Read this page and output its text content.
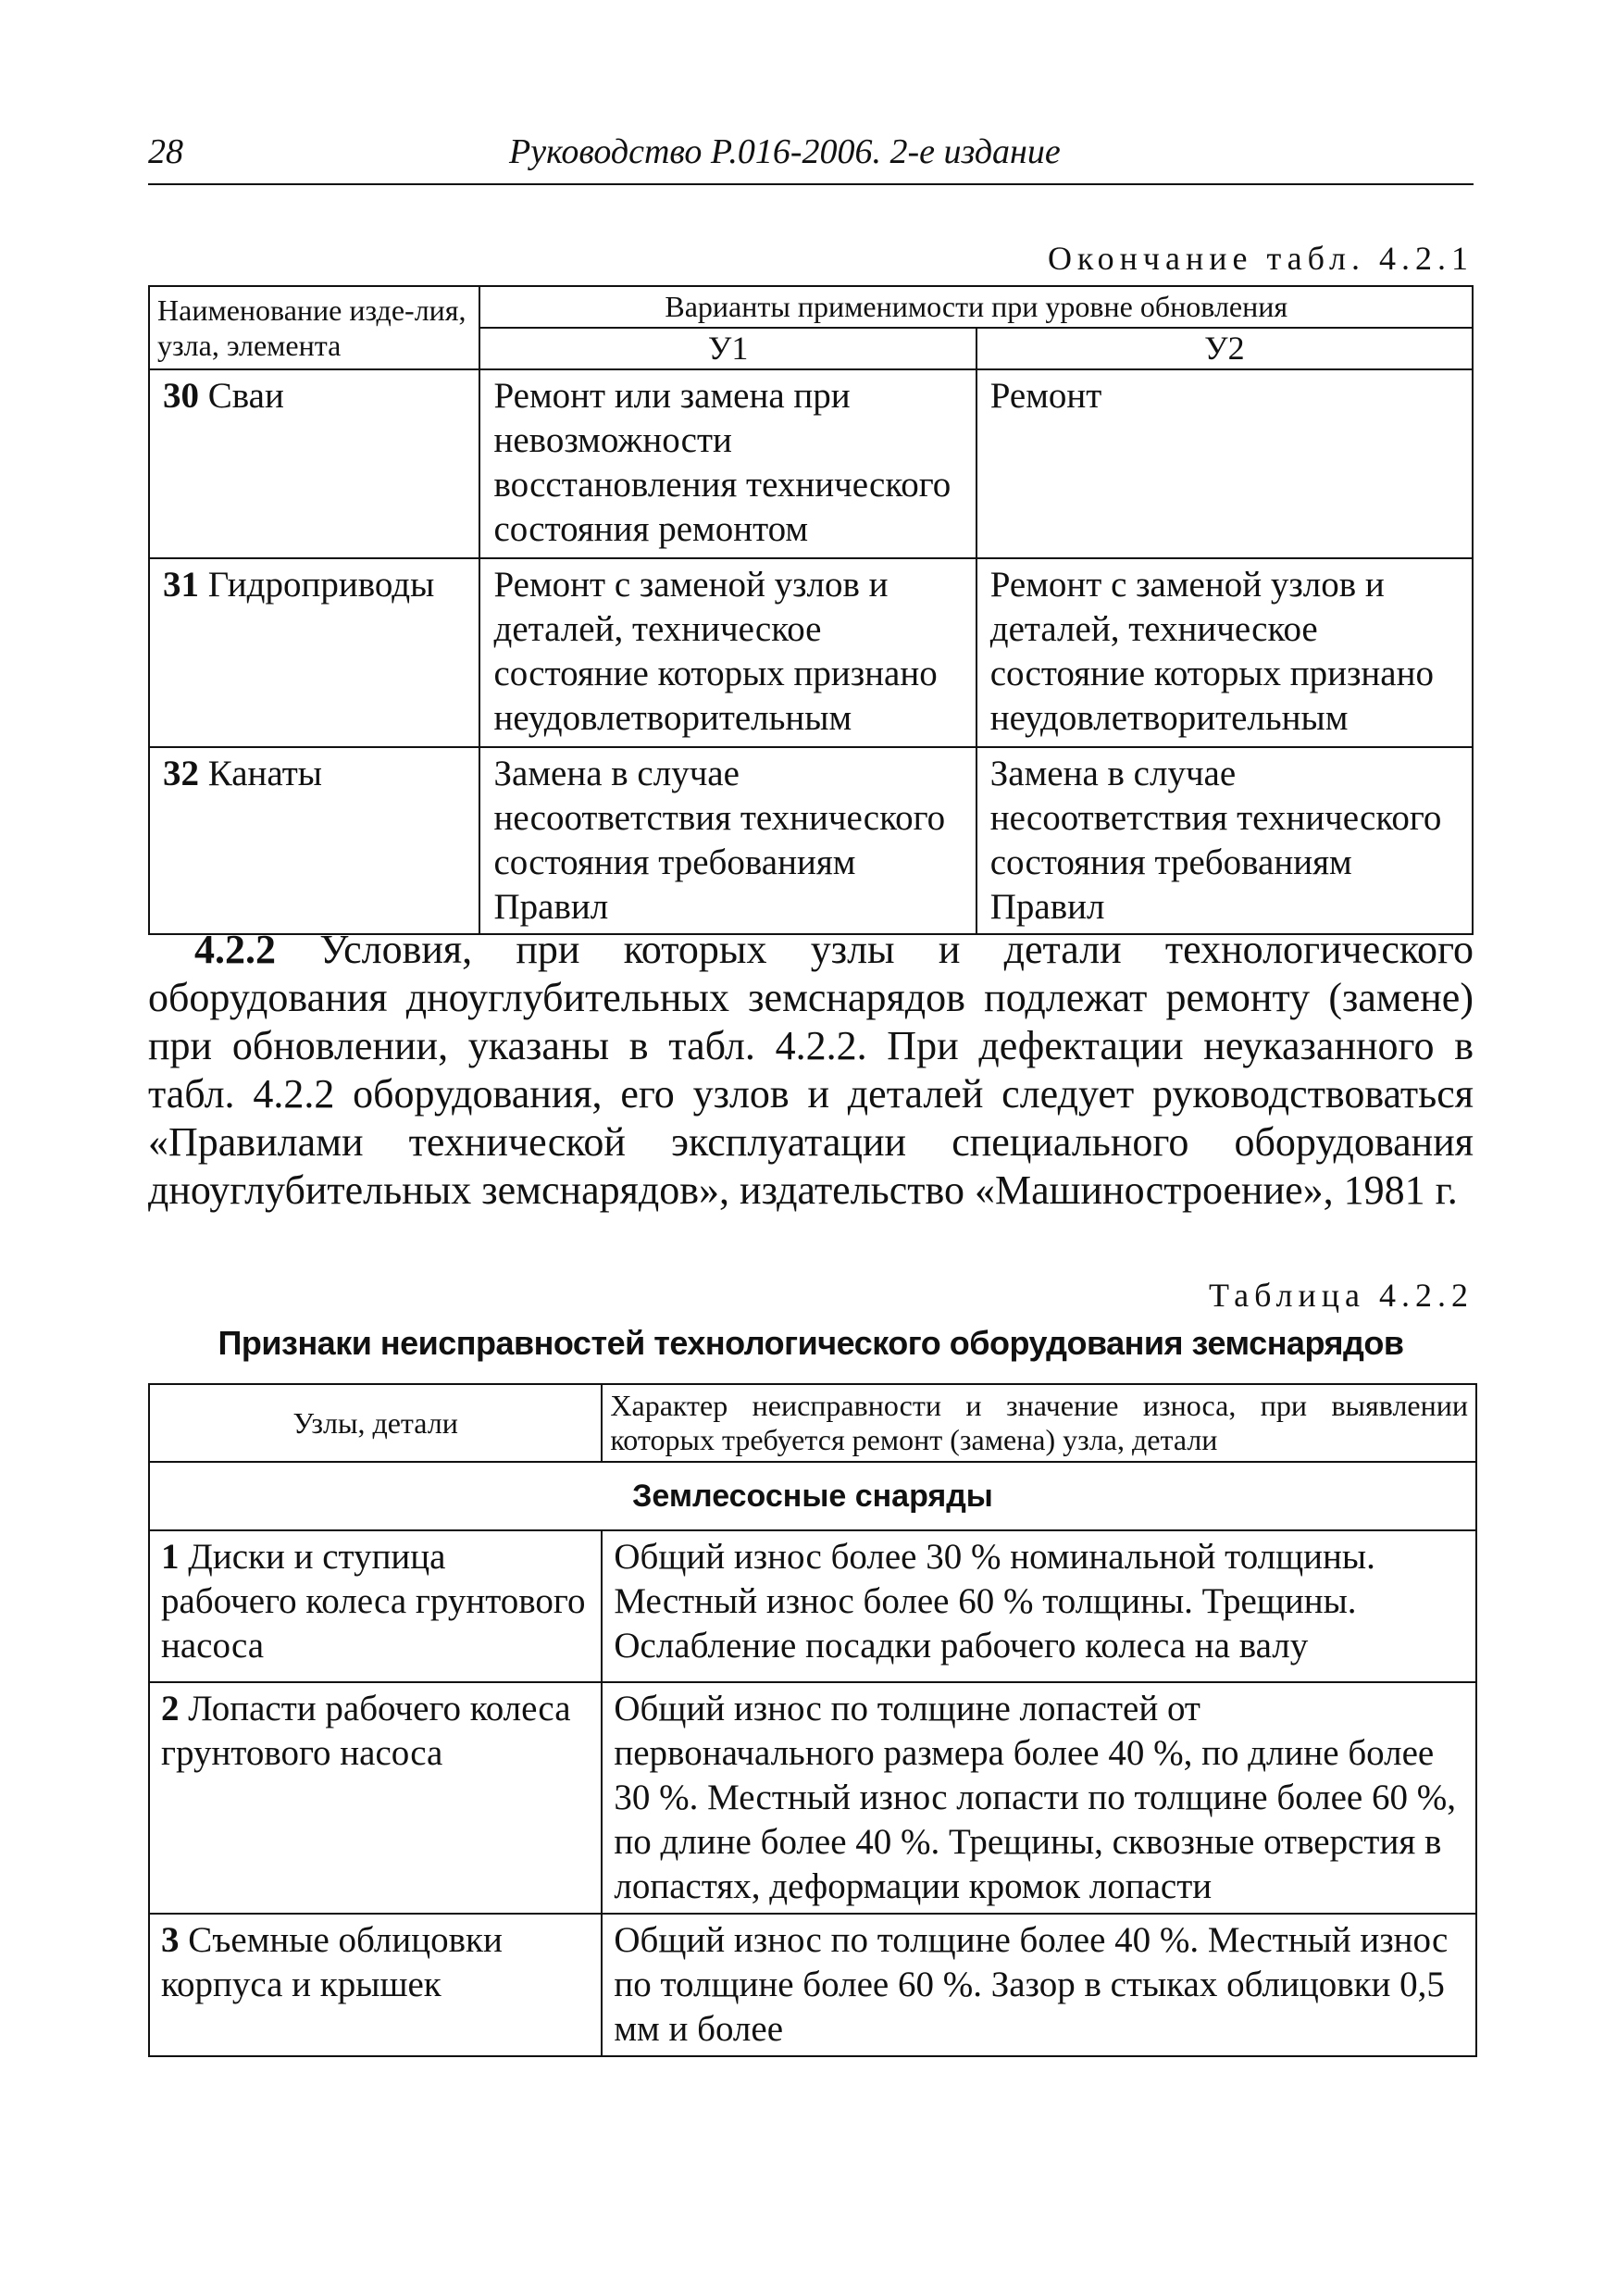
28	Руководство Р.016-2006. 2-е издание
Окончание табл. 4.2.1
Наименование изде-лия, узла, элемента	Варианты применимости при уровне обновления	
	У1	У2
30 Сваи	Ремонт или замена при невозможности восстановления технического состояния ремонтом	Ремонт
31 Гидроприводы	Ремонт с заменой узлов и деталей, техническое состояние которых признано неудовлетворительным	Ремонт с заменой узлов и деталей, техническое состояние которых признано неудовлетворительным
32 Канаты	Замена в случае несоответствия технического состояния требованиям Правил	Замена в случае несоответствия технического состояния требованиям Правил
4.2.2 Условия, при которых узлы и детали технологического оборудования дноуглубительных земснарядов подлежат ремонту (замене) при обновлении, указаны в табл. 4.2.2. При дефектации неуказанного в табл. 4.2.2 оборудования, его узлов и деталей следует руководствоваться «Правилами технической эксплуатации специального оборудования дноуглубительных земснарядов», издательство «Машиностроение», 1981 г.
Таблица 4.2.2
Признаки неисправностей технологического оборудования земснарядов
Узлы, детали	Характер неисправности и значение износа, при выявлении которых требуется ремонт (замена) узла, детали
Землесосные снаряды	
1 Диски и ступица рабочего колеса грунтового насоса	Общий износ более 30 % номинальной толщины. Местный износ более 60 % толщины. Трещины. Ослабление посадки рабочего колеса на валу
2 Лопасти рабочего колеса грунтового насоса	Общий износ по толщине лопастей от первоначального размера более 40 %, по длине более 30 %. Местный износ лопасти по толщине более 60 %, по длине более 40 %. Трещины, сквозные отверстия в лопастях, деформации кромок лопасти
3 Съемные облицовки корпуса и крышек	Общий износ по толщине более 40 %. Местный износ по толщине более 60 %. Зазор в стыках облицовки 0,5 мм и более
